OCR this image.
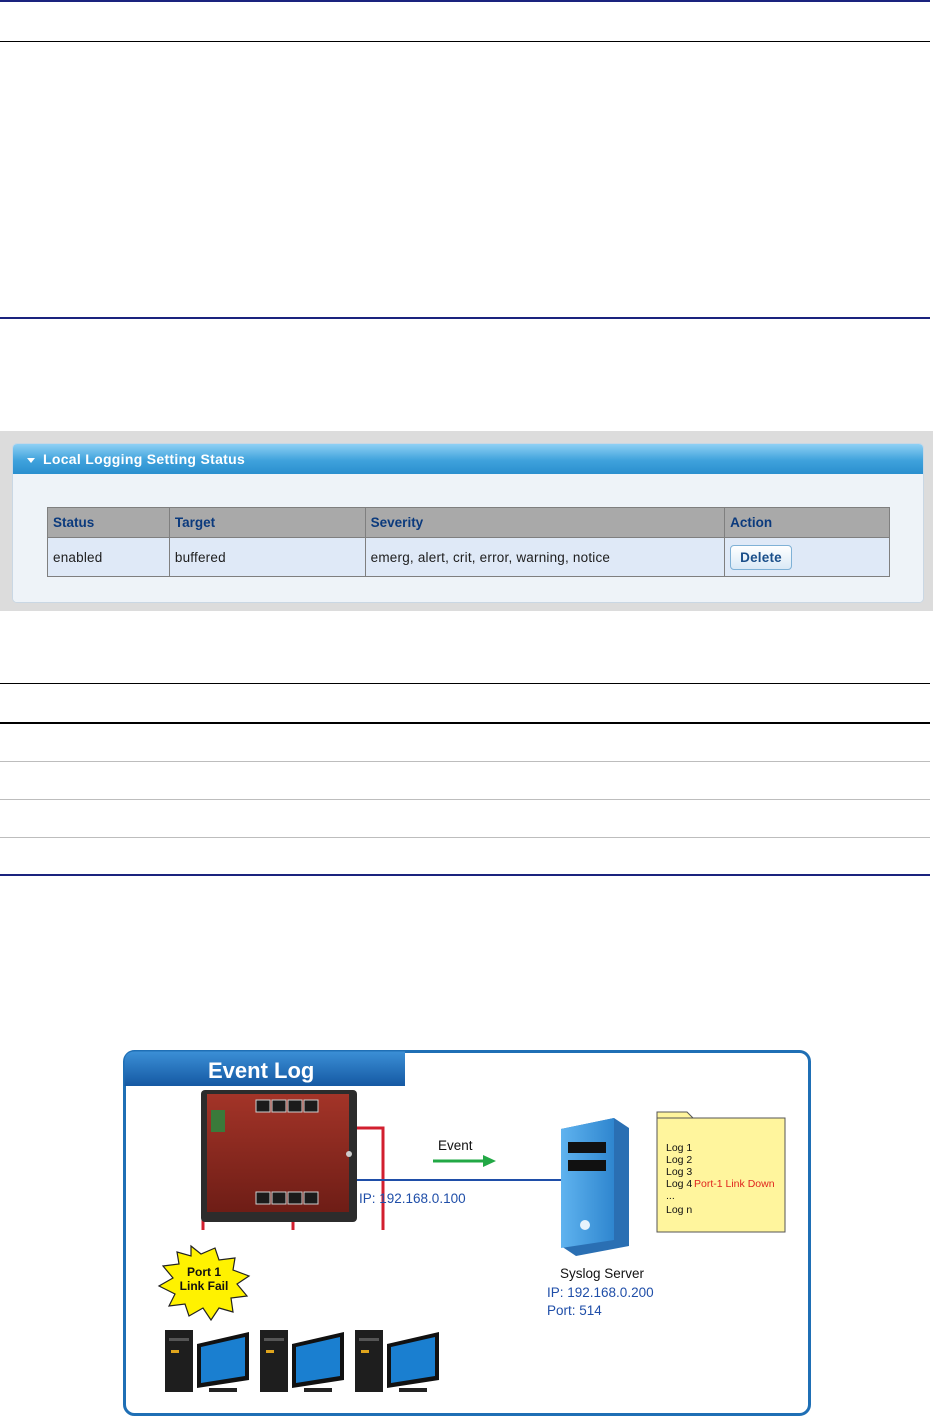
Local Logging Setting Status
Status	Target	Severity	Action
enabled	buffered	emerg, alert, crit, error, warning, notice	Delete
Event Log
IP: 192.168.0.100
Event
Syslog Server
IP: 192.168.0.200
Port: 514
Log 1
Log 2
Log 3
Log 4 Port-1 Link Down
...
Log n
Port 1
Link Fail
